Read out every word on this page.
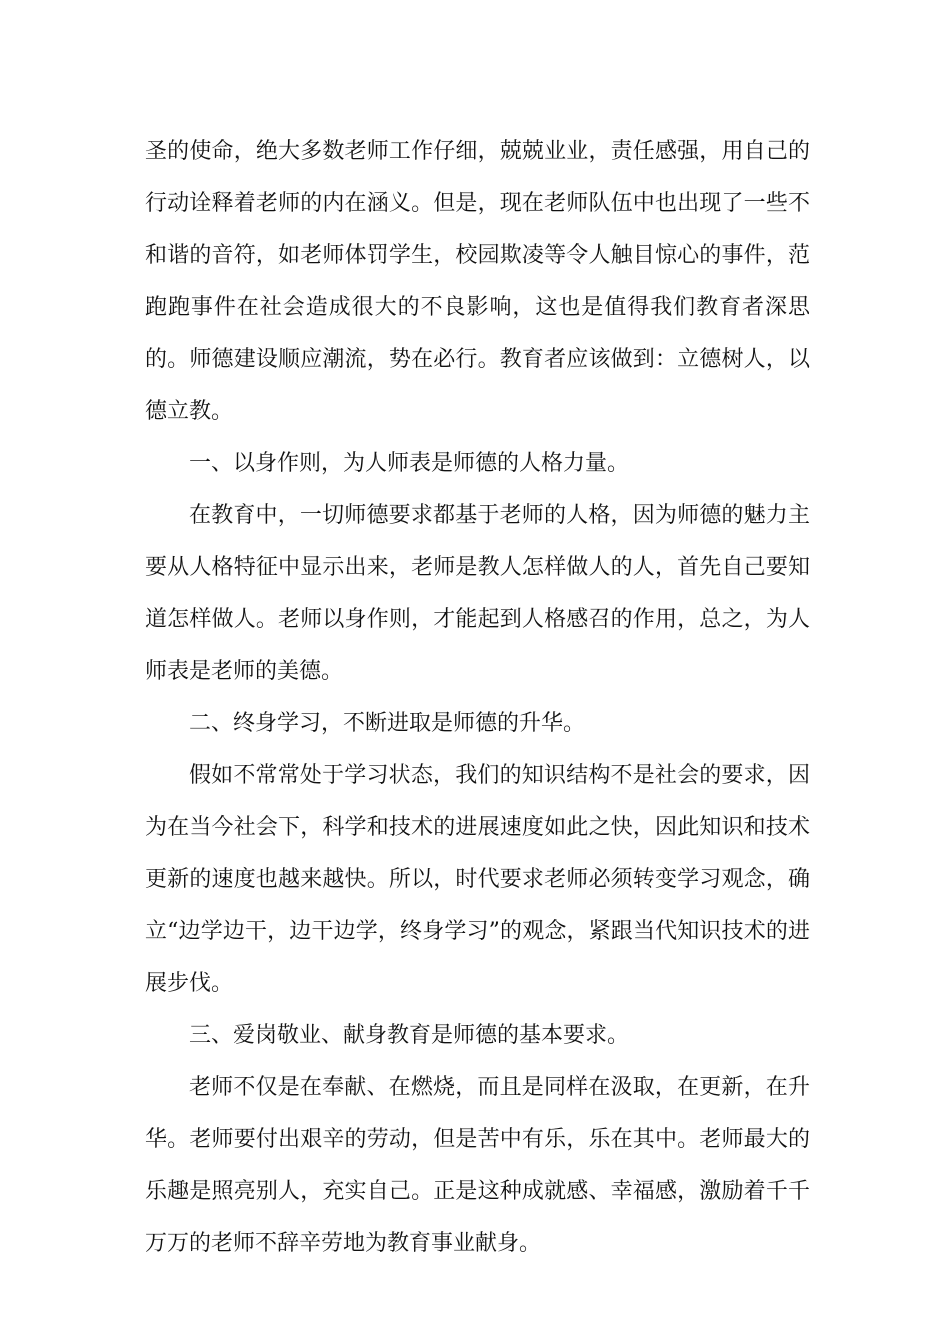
圣的使命，绝大多数老师工作仔细，兢兢业业，责任感强，用自己的行动诠释着老师的内在涵义。但是，现在老师队伍中也出现了一些不和谐的音符，如老师体罚学生，校园欺凌等令人触目惊心的事件，范跑跑事件在社会造成很大的不良影响，这也是值得我们教育者深思的。师德建设顺应潮流，势在必行。教育者应该做到：立德树人，以德立教。

一、以身作则，为人师表是师德的人格力量。

在教育中，一切师德要求都基于老师的人格，因为师德的魅力主要从人格特征中显示出来，老师是教人怎样做人的人，首先自己要知道怎样做人。老师以身作则，才能起到人格感召的作用，总之，为人师表是老师的美德。

二、终身学习，不断进取是师德的升华。

假如不常常处于学习状态，我们的知识结构不是社会的要求，因为在当今社会下，科学和技术的进展速度如此之快，因此知识和技术更新的速度也越来越快。所以，时代要求老师必须转变学习观念，确立“边学边干，边干边学，终身学习”的观念，紧跟当代知识技术的进展步伐。

三、爱岗敬业、献身教育是师德的基本要求。

老师不仅是在奉献、在燃烧，而且是同样在汲取，在更新，在升华。老师要付出艰辛的劳动，但是苦中有乐，乐在其中。老师最大的乐趣是照亮别人，充实自己。正是这种成就感、幸福感，激励着千千万万的老师不辞辛劳地为教育事业献身。
